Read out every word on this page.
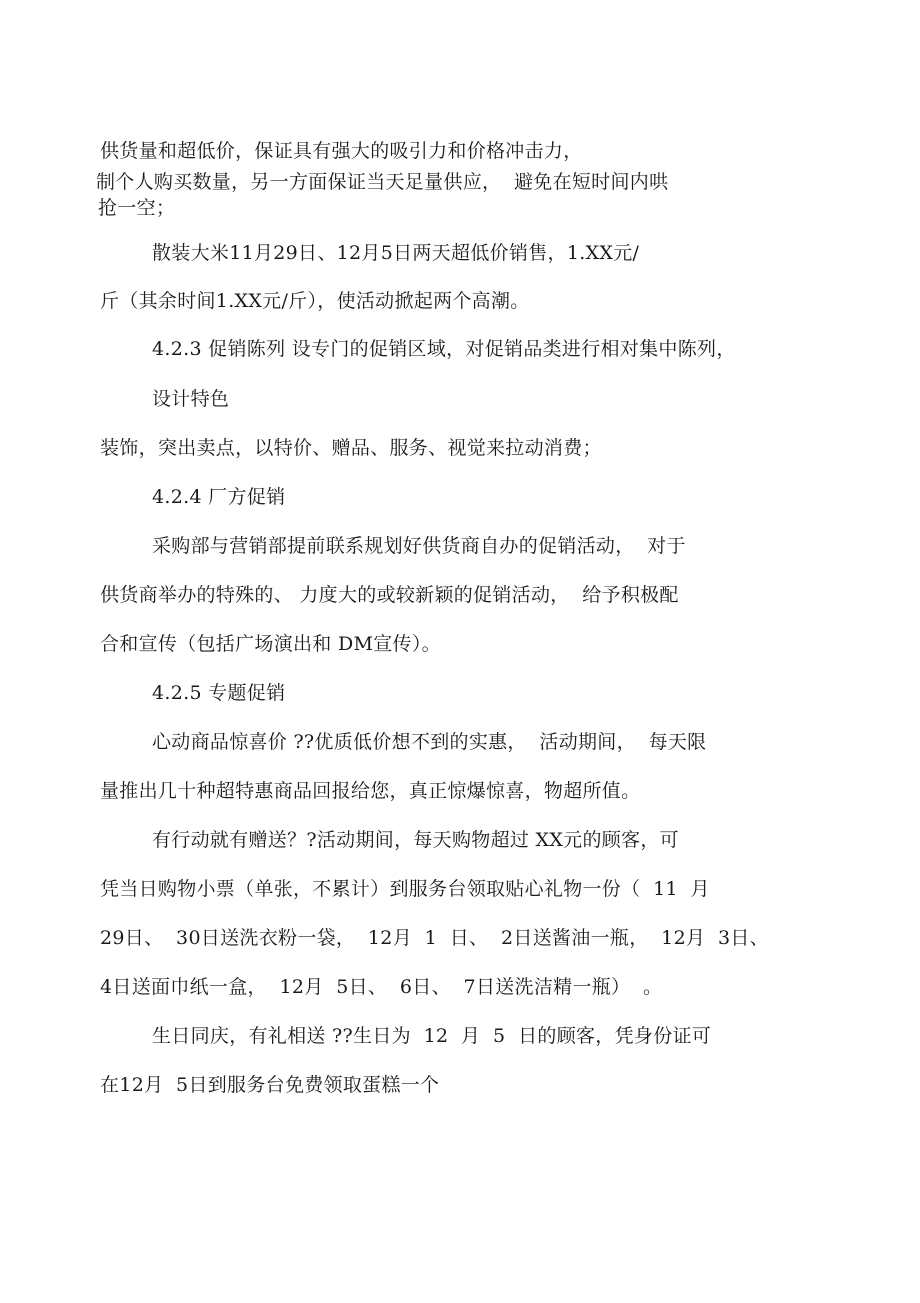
供货量和超低价，保证具有强大的吸引力和价格冲击力，
制个人购买数量，另一方面保证当天足量供应，  避免在短时间内哄
抢一空；
散装大米11月29日、12月5日两天超低价销售，1.XX元/
斤（其余时间1.XX元/斤），使活动掀起两个高潮。
4.2.3 促销陈列 设专门的促销区域，对促销品类进行相对集中陈列，
设计特色
装饰，突出卖点，以特价、赠品、服务、视觉来拉动消费；
4.2.4 厂方促销
采购部与营销部提前联系规划好供货商自办的促销活动，  对于
供货商举办的特殊的、 力度大的或较新颖的促销活动，  给予积极配
合和宣传（包括广场演出和 DM宣传）。
4.2.5 专题促销
心动商品惊喜价 ??优质低价想不到的实惠，  活动期间，  每天限
量推出几十种超特惠商品回报给您，真正惊爆惊喜，物超所值。
有行动就有赠送？?活动期间，每天购物超过 XX元的顾客，可
凭当日购物小票（单张，不累计）到服务台领取贴心礼物一份（  11  月
29日、  30日送洗衣粉一袋，  12月  1  日、  2日送酱油一瓶，  12月  3日、
4日送面巾纸一盒，  12月  5日、  6日、  7日送洗洁精一瓶）  。
生日同庆，有礼相送 ??生日为  12  月  5  日的顾客，凭身份证可
在12月  5日到服务台免费领取蛋糕一个
